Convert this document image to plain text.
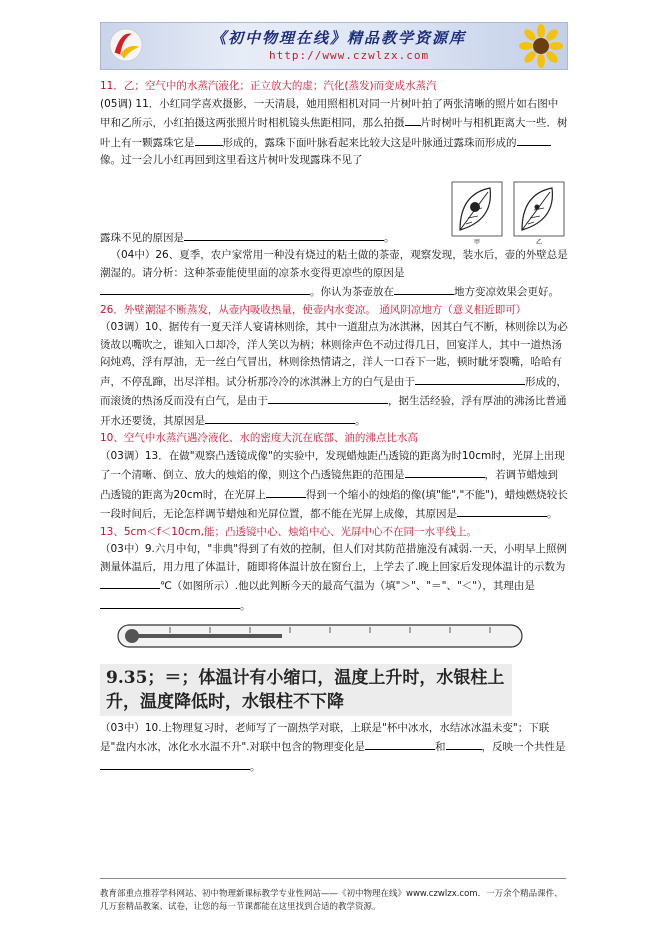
《初中物理在线》精品教学资源库
http://www.czwlzx.com

11．乙；空气中的水蒸汽液化；正立放大的虚；汽化(蒸发)而变成水蒸汽

(05调) 11．小红同学喜欢摄影，一天清晨，她用照相机对同一片树叶拍了两张清晰的照片如右图中

甲和乙所示，小红拍摄这两张照片时相机镜头焦距相同，那么拍摄 片时树叶与相机距离大一些．树叶上有一颗露珠它是	形成的，露珠下面叶脉看起来比较大这是叶脉通过露珠而形成的像。过一会儿小红再回到这里看这片树叶发现露珠不见了

甲	乙

露珠不见的原因是	。

（04中）26、夏季，农户家常用一种没有烧过的粘土做的茶壶，观察发现，装水后，壶的外壁总是潮湿的。请分析：这种茶壶能使里面的凉茶水变得更凉些的原因是。你认为茶壶放在	地方变凉效果会更好。

26．外壁潮湿不断蒸发，从壶内吸收热量，使壶内水变凉。 通风阴凉地方（意义相近即可）

（03调）10、据传有一夏天洋人宴请林则徐，其中一道甜点为冰淇淋，因其白气不断，林则徐以为必烫故以嘴吹之，谁知入口却冷，洋人笑以为柄；林则徐声色不动过得几日，回宴洋人，其中一道热汤闷炖鸡，浮有厚油，无一丝白气冒出，林则徐热情请之，洋人一口吞下一匙，顿时眦牙裂嘴，哈哈有声，不停乱蹿，出尽洋相。试分析那冷冷的冰淇淋上方的白气是由于	形成的，而滚烫的热汤反而没有白气，是由于	，据生活经验，浮有厚油的沸汤比普通开水还要烫，其原因是	。

10、空气中水蒸汽遇冷液化、水的密度大沉在底部、油的沸点比水高

（03调）13．在做"观察凸透镜成像"的实验中，发现蜡烛距凸透镜的距离为时10cm时，光屏上出现了一个清晰、倒立、放大的烛焰的像，则这个凸透镜焦距的范围是	，若调节蜡烛到凸透镜的距离为20cm时，在光屏上	得到一个缩小的烛焰的像(填"能","不能")，蜡烛燃烧较长一段时间后，无论怎样调节蜡烛和光屏位置，都不能在光屏上成像，其原因是	。

13、5cm＜f＜10cm,能；凸透镜中心、烛焰中心、光屏中心不在同一水平线上。

（03中）9.六月中旬，"非典"得到了有效的控制，但人们对其防范措施没有减弱.一天，小明早上照例测量体温后，用力甩了体温计，随即将体温计放在窗台上，上学去了.晚上回家后发现体温计的示数为℃（如图所示）.他以此判断今天的最高气温为（填"＞"、"＝"、"＜"），其理由是。

9.35；＝；体温计有小缩口，温度上升时，水银柱上升，温度降低时，水银柱不下降

（03中）10.上物理复习时，老师写了一副热学对联，上联是"杯中冰水，水结冰冰温未变"；下联是"盘内水冰，冰化水水温不升".对联中包含的物理变化是	和	，反映一个共性是。

教育部重点推荐学科网站、初中物理新课标教学专业性网站——《初中物理在线》www.czwlzx.com．一万余个精品课件、几万套精品教案、试卷，让您的每一节课都能在这里找到合适的教学资源。
